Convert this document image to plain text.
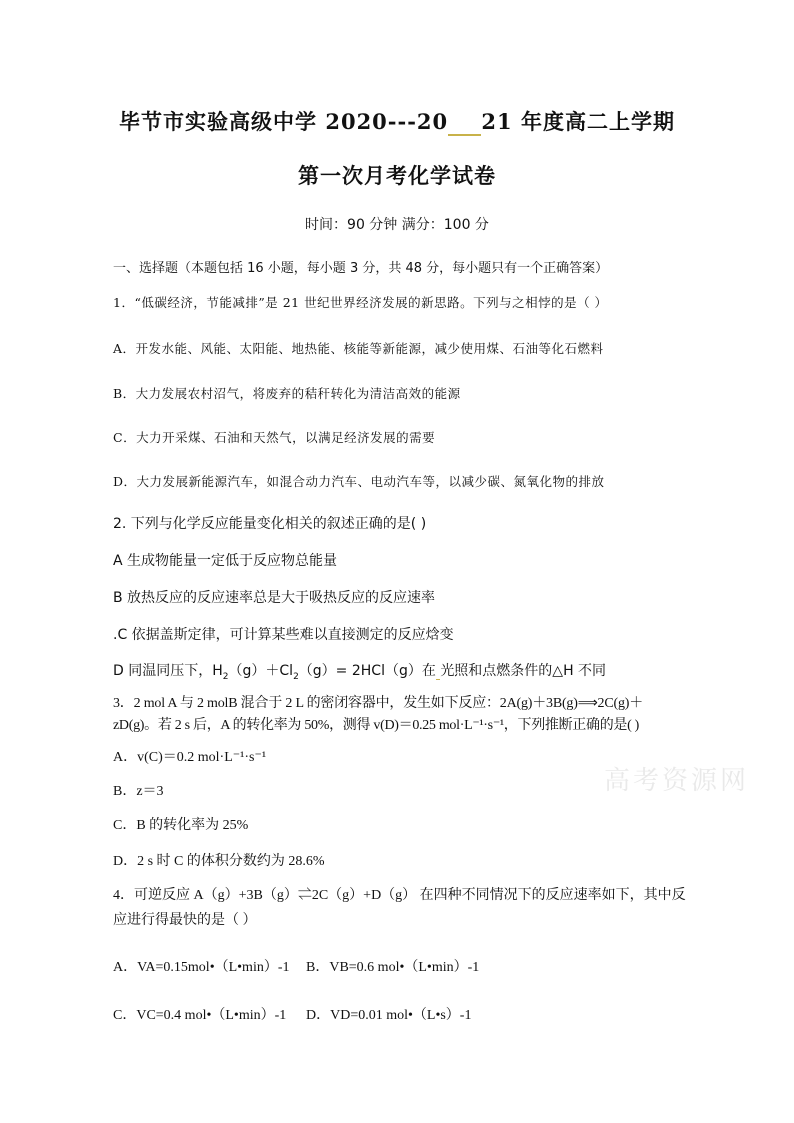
毕节市实验高级中学 2020---20 21 年度高二上学期
第一次月考化学试卷
时间：90 分钟 满分：100 分
一、选择题（本题包括 16 小题，每小题 3 分，共 48 分，每小题只有一个正确答案）
1．“低碳经济，节能减排”是 21 世纪世界经济发展的新思路。下列与之相悖的是（ ）
A．开发水能、风能、太阳能、地热能、核能等新能源，减少使用煤、石油等化石燃料
B．大力发展农村沼气，将废弃的秸秆转化为清洁高效的能源
C．大力开采煤、石油和天然气，以满足经济发展的需要
D．大力发展新能源汽车，如混合动力汽车、电动汽车等，以减少碳、氮氧化物的排放
2. 下列与化学反应能量变化相关的叙述正确的是( )
A 生成物能量一定低于反应物总能量
B 放热反应的反应速率总是大于吸热反应的反应速率
.C 依据盖斯定律，可计算某些难以直接测定的反应焓变
D 同温同压下，$H_2(g)+Cl_2(g)= 2HCl(g)$在 光照和点燃条件的△H 不同
3．2 mol A 与 2 molB 混合于 2 L 的密闭容器中，发生如下反应：2A(g)＋3B(g)⟹2C(g)＋
zD(g)。若 2 s 后，A 的转化率为 50%，测得 v(D)＝0.25 mol·L⁻¹·s⁻¹，下列推断正确的是( )
A．v(C)＝0.2 mol·L⁻¹·s⁻¹
B．z＝3
C．B 的转化率为 25%
D．2 s 时 C 的体积分数约为 28.6%
4．可逆反应 A（g）+3B（g）⇌2C（g）+D（g） 在四种不同情况下的反应速率如下，其中反
应进行得最快的是（ ）
A．VA=0.15mol•（L•min）-1 B．VB=0.6 mol•（L•min）-1
C．VC=0.4 mol•（L•min）-1 D．VD=0.01 mol•（L•s）-1
高考资源网
